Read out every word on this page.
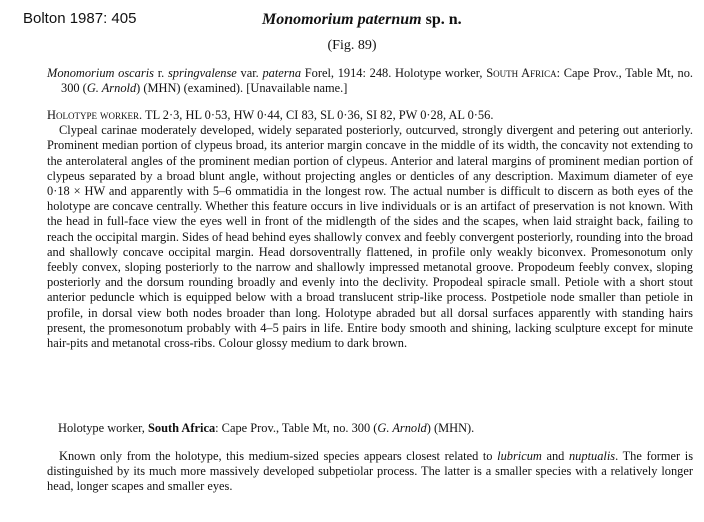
Bolton 1987: 405	Monomorium paternum sp. n.
(Fig. 89)
Monomorium oscaris r. springvalense var. paterna Forel, 1914: 248. Holotype worker, South Africa: Cape Prov., Table Mt, no. 300 (G. Arnold) (MHN) (examined). [Unavailable name.]

Holotype worker. TL 2·3, HL 0·53, HW 0·44, CI 83, SL 0·36, SI 82, PW 0·28, AL 0·56.

Clypeal carinae moderately developed, widely separated posteriorly, outcurved, strongly divergent and petering out anteriorly. Prominent median portion of clypeus broad, its anterior margin concave in the middle of its width, the concavity not extending to the anterolateral angles of the prominent median portion of clypeus. Anterior and lateral margins of prominent median portion of clypeus separated by a broad blunt angle, without projecting angles or denticles of any description. Maximum diameter of eye 0·18 × HW and apparently with 5–6 ommatidia in the longest row. The actual number is difficult to discern as both eyes of the holotype are concave centrally. Whether this feature occurs in live individuals or is an artifact of preservation is not known. With the head in full-face view the eyes well in front of the midlength of the sides and the scapes, when laid straight back, failing to reach the occipital margin. Sides of head behind eyes shallowly convex and feebly convergent posteriorly, rounding into the broad and shallowly concave occipital margin. Head dorsoventrally flattened, in profile only weakly biconvex. Promesonotum only feebly convex, sloping posteriorly to the narrow and shallowly impressed metanotal groove. Propodeum feebly convex, sloping posteriorly and the dorsum rounding broadly and evenly into the declivity. Propodeal spiracle small. Petiole with a short stout anterior peduncle which is equipped below with a broad translucent strip-like process. Postpetiole node smaller than petiole in profile, in dorsal view both nodes broader than long. Holotype abraded but all dorsal surfaces apparently with standing hairs present, the promesonotum probably with 4–5 pairs in life. Entire body smooth and shining, lacking sculpture except for minute hair-pits and metanotal cross-ribs. Colour glossy medium to dark brown.

Holotype worker, South Africa: Cape Prov., Table Mt, no. 300 (G. Arnold) (MHN).
Known only from the holotype, this medium-sized species appears closest related to lubricum and nuptualis. The former is distinguished by its much more massively developed subpetiolar process. The latter is a smaller species with a relatively longer head, longer scapes and smaller eyes.
